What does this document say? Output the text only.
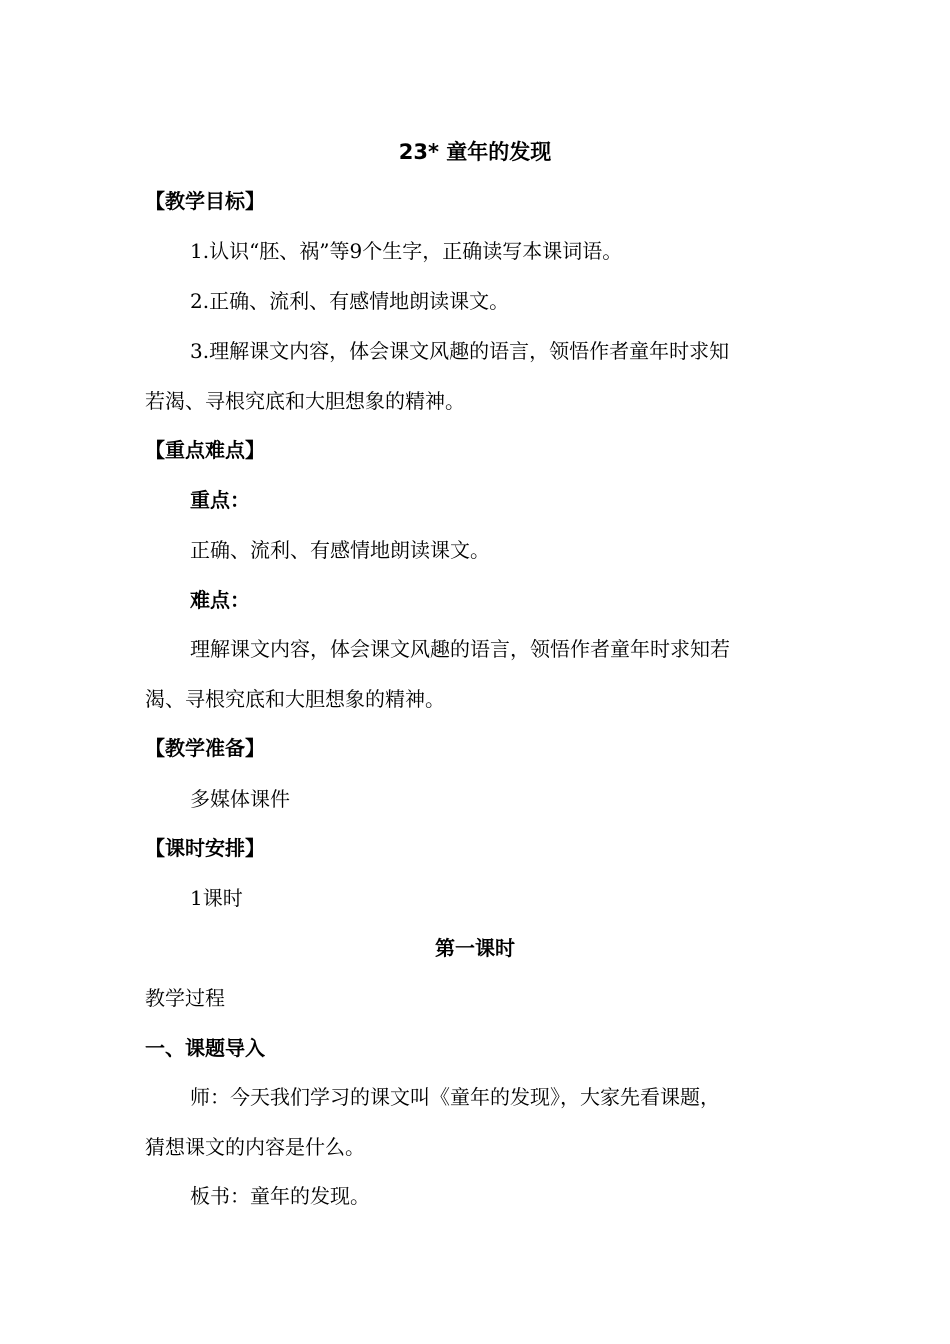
23* 童年的发现
【教学目标】
1.认识“胚、祸”等9个生字，正确读写本课词语。
2.正确、流利、有感情地朗读课文。
3.理解课文内容，体会课文风趣的语言，领悟作者童年时求知
若渴、寻根究底和大胆想象的精神。
【重点难点】
重点：
正确、流利、有感情地朗读课文。
难点：
理解课文内容，体会课文风趣的语言，领悟作者童年时求知若
渴、寻根究底和大胆想象的精神。
【教学准备】
多媒体课件
【课时安排】
1课时
第一课时
教学过程
一、课题导入
师：今天我们学习的课文叫《童年的发现》，大家先看课题，
猜想课文的内容是什么。
板书：童年的发现。
